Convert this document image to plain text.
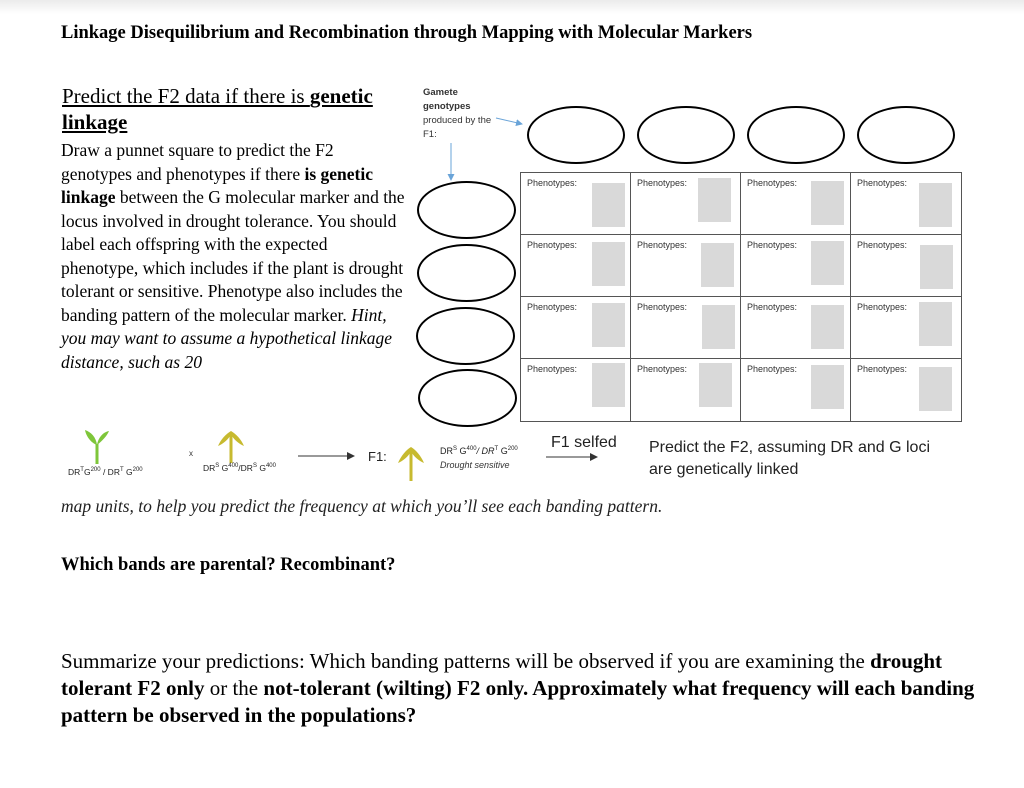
Linkage Disequilibrium and Recombination through Mapping with Molecular Markers
Predict the F2 data if there is genetic linkage
Draw a punnet square to predict the F2 genotypes and phenotypes if there is genetic linkage between the G molecular marker and the locus involved in drought tolerance. You should label each offspring with the expected phenotype, which includes if the plant is drought tolerant or sensitive. Phenotype also includes the banding pattern of the molecular marker. Hint, you may want to assume a hypothetical linkage distance, such as 20
Gamete genotypes
produced by the F1:
Phenotypes:	Phenotypes:	Phenotypes:	Phenotypes:
Phenotypes:	Phenotypes:	Phenotypes:	Phenotypes:
Phenotypes:	Phenotypes:	Phenotypes:	Phenotypes:
Phenotypes:	Phenotypes:	Phenotypes:	Phenotypes:
$DR^TG^{200} / DR^T$ $G^{200}$
x
$DR^S$ $G^{400}/DR^S$ $G^{400}$
F1:	$DR^S$ $G^{400}/$ $DR^T$ $G^{200}$
Drought sensitive
F1 selfed Predict the F2, assuming DR and G loci are genetically linked
map units, to help you predict the frequency at which you’ll see each banding pattern.
Which bands are parental? Recombinant?
Summarize your predictions: Which banding patterns will be observed if you are examining the drought tolerant F2 only or the not-tolerant (wilting) F2 only. Approximately what frequency will each banding pattern be observed in the populations?
